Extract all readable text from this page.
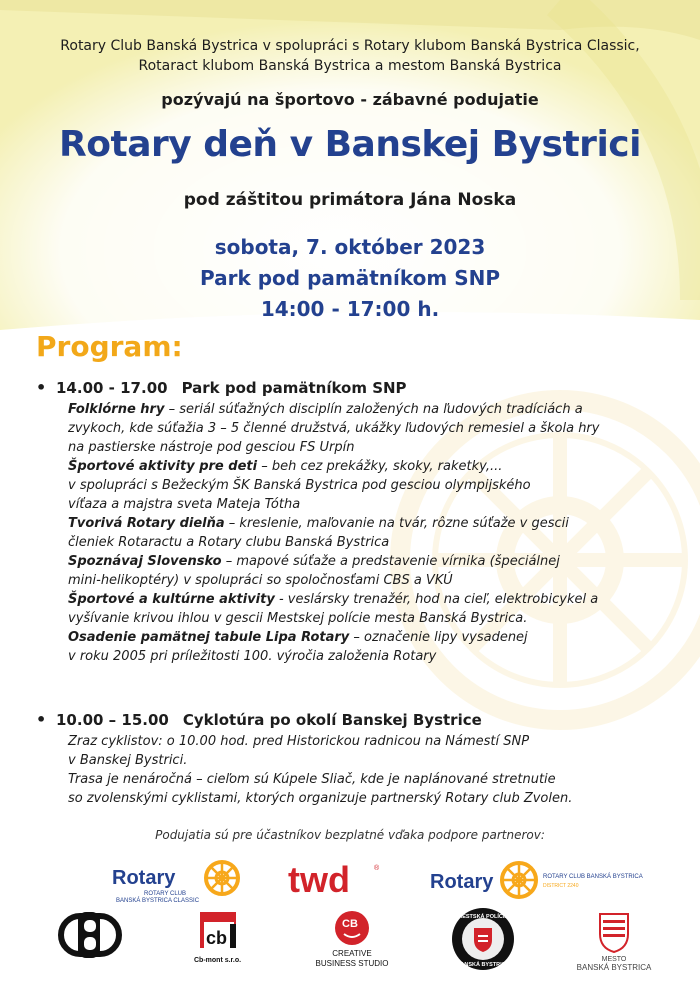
Rotary Club Banská Bystrica v spolupráci s Rotary klubom Banská Bystrica Classic,
Rotaract klubom Banská Bystrica a mestom Banská Bystrica
pozývajú na športovo - zábavné podujatie
Rotary deň v Banskej Bystrici
pod záštitou primátora Jána Noska
sobota, 7. október 2023
Park pod pamätníkom SNP
14:00 - 17:00 h.
Program:
• 14.00 - 17.00 Park pod pamätníkom SNP

Folklórne hry – seriál súťažných disciplín založených na ľudových tradíciách a

zvykoch, kde súťažia 3 – 5 členné družstvá, ukážky ľudových remesiel a škola hry

na pastierske nástroje pod gesciou FS Urpín

Športové aktivity pre deti – beh cez prekážky, skoky, raketky,...

v spolupráci s Bežeckým ŠK Banská Bystrica pod gesciou olympijského

víťaza a majstra sveta Mateja Tótha

Tvorivá Rotary dielňa – kreslenie, maľovanie na tvár, rôzne súťaže v gescii

členiek Rotaractu a Rotary clubu Banská Bystrica

Spoznávaj Slovensko – mapové súťaže a predstavenie vírnika (špeciálnej

mini-helikoptéry) v spolupráci so spoločnosťami CBS a VKÚ

Športové a kultúrne aktivity - veslársky trenažér, hod na cieľ, elektrobicykel a

vyšívanie krivou ihlou v gescii Mestskej polície mesta Banská Bystrica.

Osadenie pamätnej tabule Lipa Rotary – označenie lipy vysadenej

v roku 2005 pri príležitosti 100. výročia založenia Rotary

• 10.00 – 15.00 Cyklotúra po okolí Banskej Bystrice

Zraz cyklistov: o 10.00 hod. pred Historickou radnicou na Námestí SNP

v Banskej Bystrici.

Trasa je nenáročná – cieľom sú Kúpele Sliač, kde je naplánované stretnutie

so zvolenskými cyklistami, ktorých organizuje partnerský Rotary club Zvolen.

Podujatia sú pre účastníkov bezplatné vďaka podpore partnerov:
Rotary
ROTARY CLUB
BANSKÁ BYSTRICA CLASSIC
twd	®
Rotary	ROTARY CLUB BANSKÁ BYSTRICA
DISTRICT 2240
cb
Cb-mont s.r.o.
CB
CREATIVE
BUSINESS STUDIO
MESTSKÁ POLÍCIA
BANSKÁ BYSTRICA
MESTO
BANSKÁ BYSTRICA
